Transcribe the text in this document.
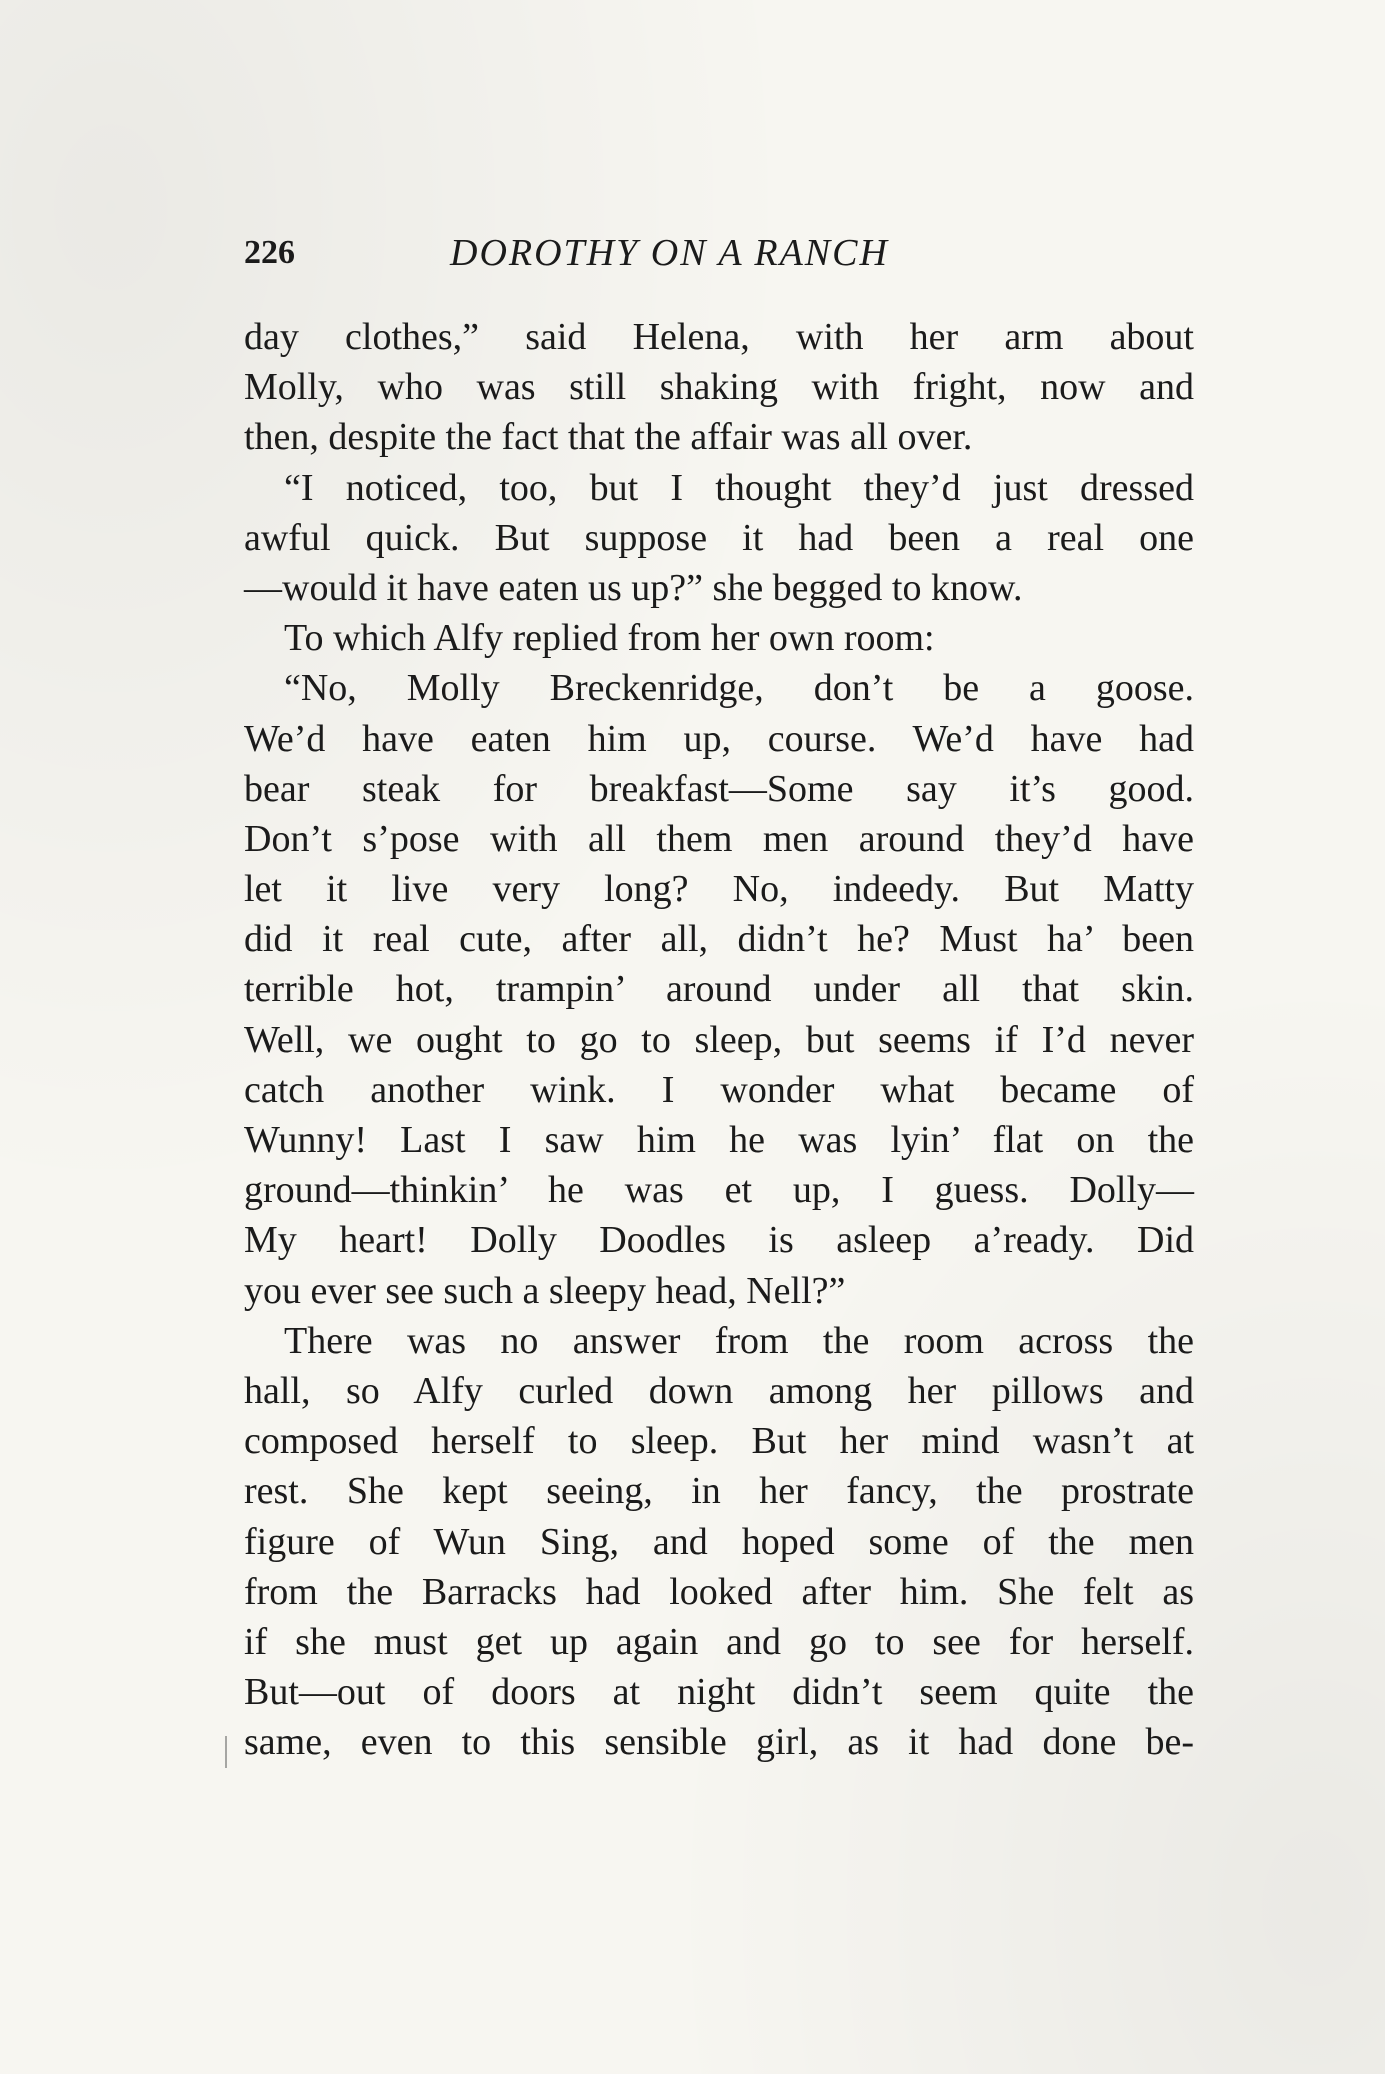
226	DOROTHY ON A RANCH
day clothes,” said Helena, with her arm about
Molly, who was still shaking with fright, now and
then, despite the fact that the affair was all over.
“I noticed, too, but I thought they’d just dressed
awful quick. But suppose it had been a real one
—would it have eaten us up?” she begged to know.
To which Alfy replied from her own room:
“No, Molly Breckenridge, don’t be a goose.
We’d have eaten him up, course. We’d have had
bear steak for breakfast—Some say it’s good.
Don’t s’pose with all them men around they’d have
let it live very long? No, indeedy. But Matty
did it real cute, after all, didn’t he? Must ha’ been
terrible hot, trampin’ around under all that skin.
Well, we ought to go to sleep, but seems if I’d never
catch another wink. I wonder what became of
Wunny! Last I saw him he was lyin’ flat on the
ground—thinkin’ he was et up, I guess. Dolly—
My heart! Dolly Doodles is asleep a’ready. Did
you ever see such a sleepy head, Nell?”
There was no answer from the room across the
hall, so Alfy curled down among her pillows and
composed herself to sleep. But her mind wasn’t at
rest. She kept seeing, in her fancy, the prostrate
figure of Wun Sing, and hoped some of the men
from the Barracks had looked after him. She felt as
if she must get up again and go to see for herself.
But—out of doors at night didn’t seem quite the
same, even to this sensible girl, as it had done be-
